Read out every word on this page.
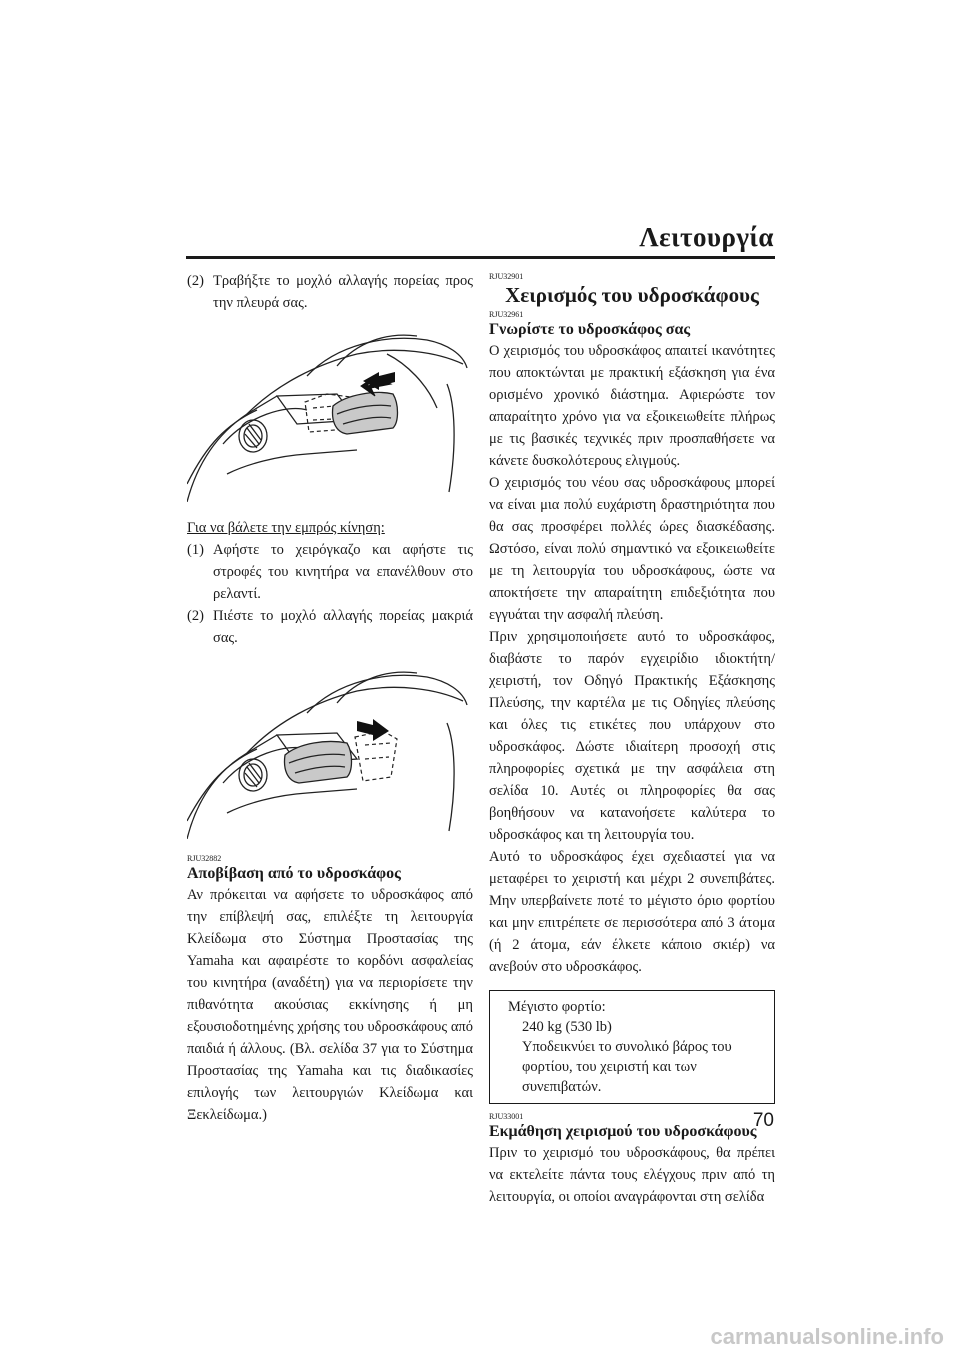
Λειτουργία
(2) Τραβήξτε το μοχλό αλλαγής πορείας προς την πλευρά σας.
Για να βάλετε την εμπρός κίνηση:
(1) Αφήστε το χειρόγκαζο και αφήστε τις στροφές του κινητήρα να επανέλθουν στο ρελαντί.
(2) Πιέστε το μοχλό αλλαγής πορείας μακριά σας.
RJU32882
Αποβίβαση από το υδροσκάφος
Αν πρόκειται να αφήσετε το υδροσκάφος από την επίβλεψή σας, επιλέξτε τη λειτουργία Κλείδωμα στο Σύστημα Προστασίας της Yamaha και αφαιρέστε το κορδόνι ασφαλείας του κινητήρα (αναδέτη) για να περιορίσετε την πιθανότητα ακούσιας εκκίνησης ή μη εξουσιοδοτημένης χρήσης του υδροσκάφους από παιδιά ή άλλους. (Βλ. σελίδα 37 για το Σύστημα Προστασίας της Yamaha και τις διαδικασίες επιλογής των λειτουργιών Κλείδωμα και Ξεκλείδωμα.)
RJU32901
Χειρισμός του υδροσκάφους
RJU32961
Γνωρίστε το υδροσκάφος σας
Ο χειρισμός του υδροσκάφος απαιτεί ικανότητες που αποκτώνται με πρακτική εξάσκηση για ένα ορισμένο χρονικό διάστημα. Αφιερώστε τον απαραίτητο χρόνο για να εξοικειωθείτε πλήρως με τις βασικές τεχνικές πριν προσπαθήσετε να κάνετε δυσκολότερους ελιγμούς.
Ο χειρισμός του νέου σας υδροσκάφους μπορεί να είναι μια πολύ ευχάριστη δραστηριότητα που θα σας προσφέρει πολλές ώρες διασκέδασης. Ωστόσο, είναι πολύ σημαντικό να εξοικειωθείτε με τη λειτουργία του υδροσκάφους, ώστε να αποκτήσετε την απαραίτητη επιδεξιότητα που εγγυάται την ασφαλή πλεύση.
Πριν χρησιμοποιήσετε αυτό το υδροσκάφος, διαβάστε το παρόν εγχειρίδιο ιδιοκτήτη/χειριστή, τον Οδηγό Πρακτικής Εξάσκησης Πλεύσης, την καρτέλα με τις Οδηγίες πλεύσης και όλες τις ετικέτες που υπάρχουν στο υδροσκάφος. Δώστε ιδιαίτερη προσοχή στις πληροφορίες σχετικά με την ασφάλεια στη σελίδα 10. Αυτές οι πληροφορίες θα σας βοηθήσουν να κατανοήσετε καλύτερα το υδροσκάφος και τη λειτουργία του.
Αυτό το υδροσκάφος έχει σχεδιαστεί για να μεταφέρει το χειριστή και μέχρι 2 συνεπιβάτες. Μην υπερβαίνετε ποτέ το μέγιστο όριο φορτίου και μην επιτρέπετε σε περισσότερα από 3 άτομα (ή 2 άτομα, εάν έλκετε κάποιο σκιέρ) να ανεβούν στο υδροσκάφος.
Μέγιστο φορτίο:
240 kg (530 lb)
Υποδεικνύει το συνολικό βάρος του φορτίου, του χειριστή και των συνεπιβατών.
RJU33001
Εκμάθηση χειρισμού του υδροσκάφους
Πριν το χειρισμό του υδροσκάφους, θα πρέπει να εκτελείτε πάντα τους ελέγχους πριν από τη λειτουργία, οι οποίοι αναγράφονται στη σελίδα
70
carmanualsonline.info
